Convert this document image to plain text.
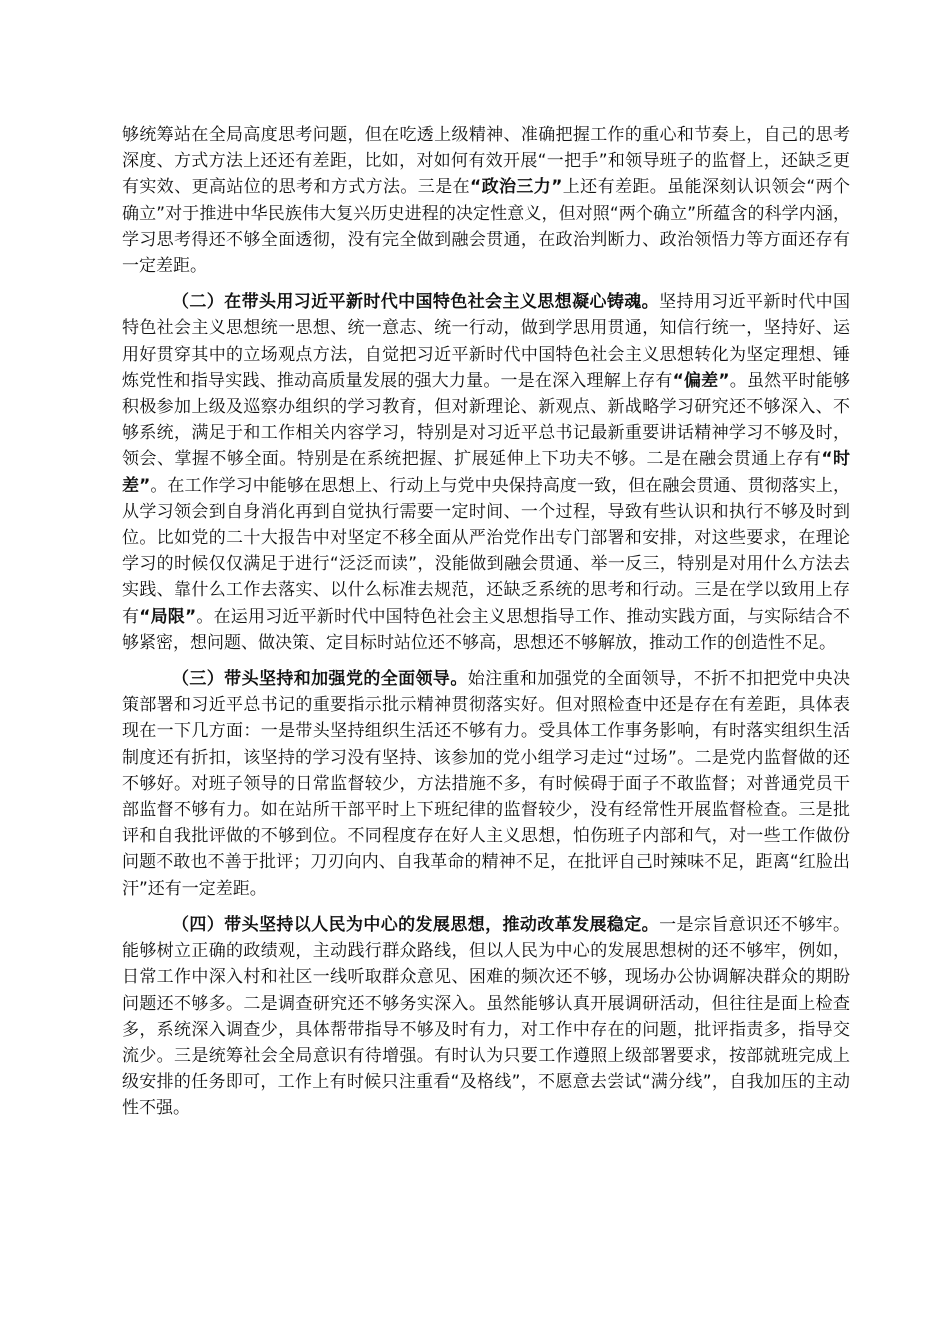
够统筹站在全局高度思考问题，但在吃透上级精神、准确把握工作的重心和节奏上，自己的思考深度、方式方法上还还有差距，比如，对如何有效开展“一把手”和领导班子的监督上，还缺乏更有实效、更高站位的思考和方式方法。三是在“政治三力”上还有差距。虽能深刻认识领会“两个确立”对于推进中华民族伟大复兴历史进程的决定性意义，但对照“两个确立”所蕴含的科学内涵，学习思考得还不够全面透彻，没有完全做到融会贯通，在政治判断力、政治领悟力等方面还存有一定差距。

（二）在带头用习近平新时代中国特色社会主义思想凝心铸魂。坚持用习近平新时代中国特色社会主义思想统一思想、统一意志、统一行动，做到学思用贯通，知信行统一，坚持好、运用好贯穿其中的立场观点方法，自觉把习近平新时代中国特色社会主义思想转化为坚定理想、锤炼党性和指导实践、推动高质量发展的强大力量。一是在深入理解上存有“偏差”。虽然平时能够积极参加上级及巡察办组织的学习教育，但对新理论、新观点、新战略学习研究还不够深入、不够系统，满足于和工作相关内容学习，特别是对习近平总书记最新重要讲话精神学习不够及时，领会、掌握不够全面。特别是在系统把握、扩展延伸上下功夫不够。二是在融会贯通上存有“时差”。在工作学习中能够在思想上、行动上与党中央保持高度一致，但在融会贯通、贯彻落实上，从学习领会到自身消化再到自觉执行需要一定时间、一个过程，导致有些认识和执行不够及时到位。比如党的二十大报告中对坚定不移全面从严治党作出专门部署和安排，对这些要求，在理论学习的时候仅仅满足于进行“泛泛而读”，没能做到融会贯通、举一反三，特别是对用什么方法去实践、靠什么工作去落实、以什么标准去规范，还缺乏系统的思考和行动。三是在学以致用上存有“局限”。在运用习近平新时代中国特色社会主义思想指导工作、推动实践方面，与实际结合不够紧密，想问题、做决策、定目标时站位还不够高，思想还不够解放，推动工作的创造性不足。

（三）带头坚持和加强党的全面领导。始注重和加强党的全面领导，不折不扣把党中央决策部署和习近平总书记的重要指示批示精神贯彻落实好。但对照检查中还是存在有差距，具体表现在一下几方面：一是带头坚持组织生活还不够有力。受具体工作事务影响，有时落实组织生活制度还有折扣，该坚持的学习没有坚持、该参加的党小组学习走过“过场”。二是党内监督做的还不够好。对班子领导的日常监督较少，方法措施不多，有时候碍于面子不敢监督；对普通党员干部监督不够有力。如在站所干部平时上下班纪律的监督较少，没有经常性开展监督检查。三是批评和自我批评做的不够到位。不同程度存在好人主义思想，怕伤班子内部和气，对一些工作做份问题不敢也不善于批评；刀刃向内、自我革命的精神不足，在批评自己时辣味不足，距离“红脸出汗”还有一定差距。

（四）带头坚持以人民为中心的发展思想，推动改革发展稳定。一是宗旨意识还不够牢。能够树立正确的政绩观，主动践行群众路线，但以人民为中心的发展思想树的还不够牢，例如，日常工作中深入村和社区一线听取群众意见、困难的频次还不够，现场办公协调解决群众的期盼问题还不够多。二是调查研究还不够务实深入。虽然能够认真开展调研活动，但往往是面上检查多，系统深入调查少，具体帮带指导不够及时有力，对工作中存在的问题，批评指责多，指导交流少。三是统筹社会全局意识有待增强。有时认为只要工作遵照上级部署要求，按部就班完成上级安排的任务即可，工作上有时候只注重看“及格线”，不愿意去尝试“满分线”，自我加压的主动性不强。
